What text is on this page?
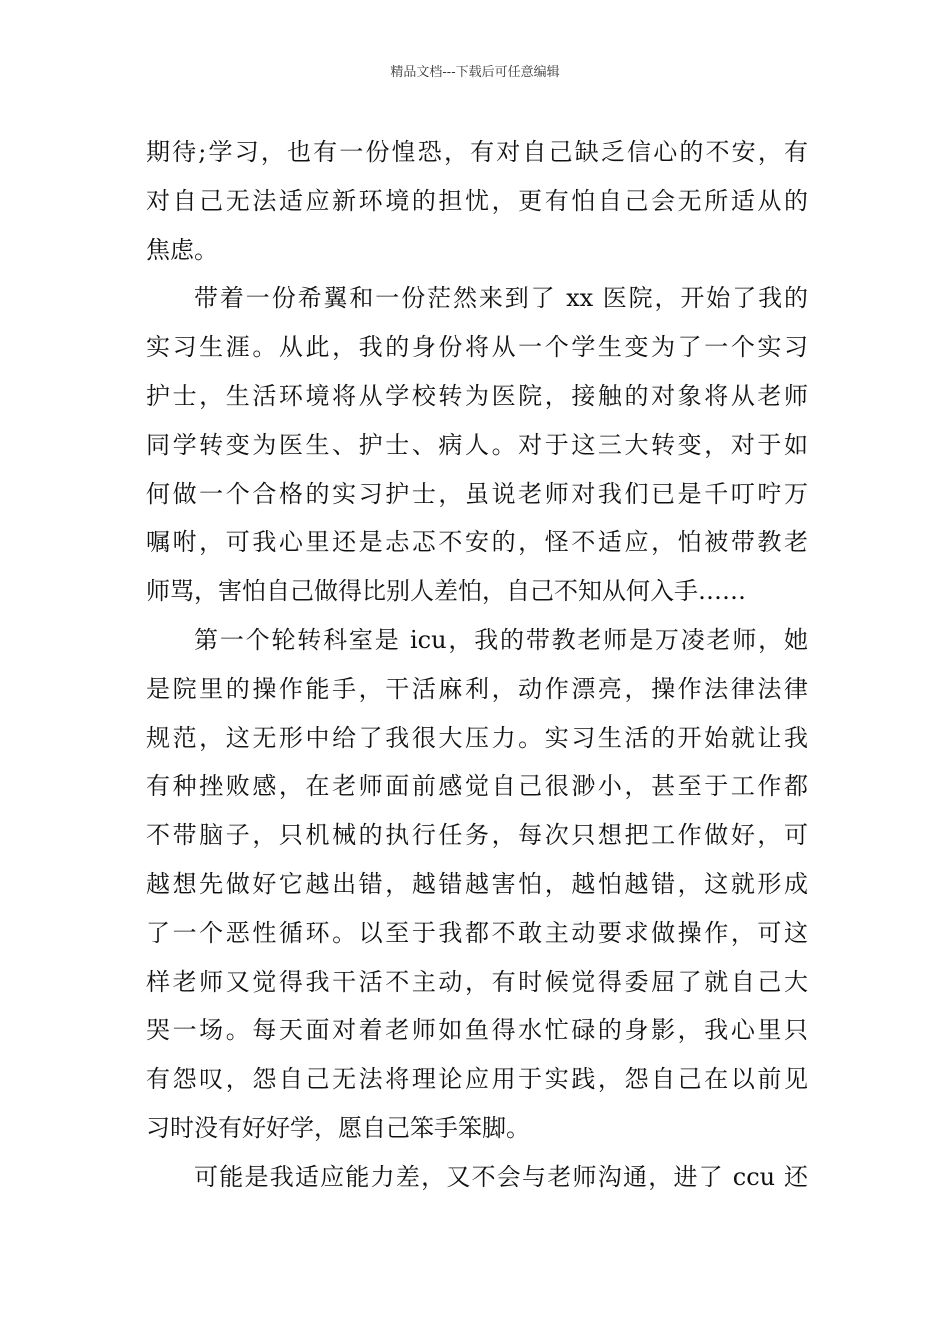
精品文档---下载后可任意编辑
期待;学习，也有一份惶恐，有对自己缺乏信心的不安，有
对自己无法适应新环境的担忧，更有怕自己会无所适从的
焦虑。
带着一份希翼和一份茫然来到了 xx 医院，开始了我的
实习生涯。从此，我的身份将从一个学生变为了一个实习
护士，生活环境将从学校转为医院，接触的对象将从老师
同学转变为医生、护士、病人。对于这三大转变，对于如
何做一个合格的实习护士，虽说老师对我们已是千叮咛万
嘱咐，可我心里还是忐忑不安的，怪不适应，怕被带教老
师骂，害怕自己做得比别人差怕，自己不知从何入手……
第一个轮转科室是 icu，我的带教老师是万凌老师，她
是院里的操作能手，干活麻利，动作漂亮，操作法律法律
规范，这无形中给了我很大压力。实习生活的开始就让我
有种挫败感，在老师面前感觉自己很渺小，甚至于工作都
不带脑子，只机械的执行任务，每次只想把工作做好，可
越想先做好它越出错，越错越害怕，越怕越错，这就形成
了一个恶性循环。以至于我都不敢主动要求做操作，可这
样老师又觉得我干活不主动，有时候觉得委屈了就自己大
哭一场。每天面对着老师如鱼得水忙碌的身影，我心里只
有怨叹，怨自己无法将理论应用于实践，怨自己在以前见
习时没有好好学，愿自己笨手笨脚。
可能是我适应能力差，又不会与老师沟通，进了 ccu 还
